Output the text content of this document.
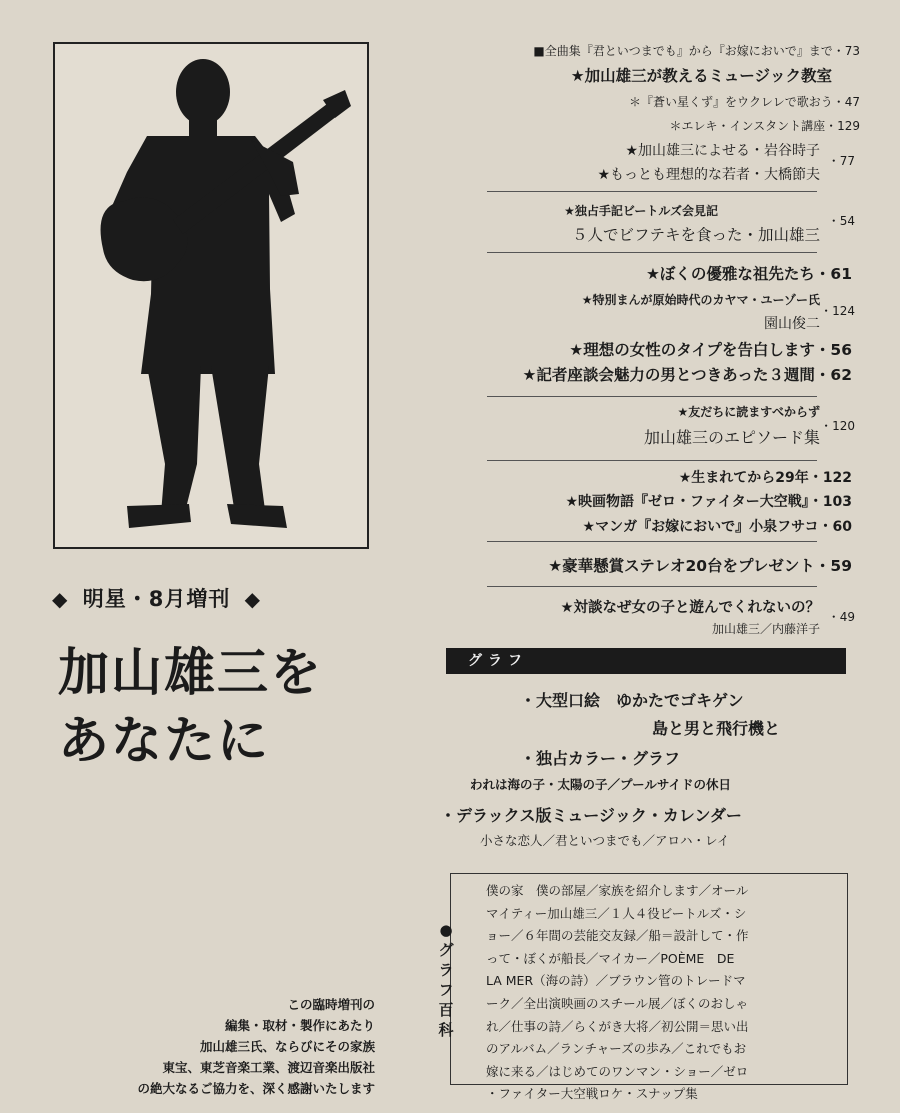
◆ 明星・8月増刊 ◆
加山雄三を
あなたに
この臨時増刊の
編集・取材・製作にあたり
加山雄三氏、ならびにその家族
東宝、東芝音楽工業、渡辺音楽出版社
の絶大なるご協力を、深く感謝いたします
■全曲集『君といつまでも』から『お嫁においで』まで・73
★加山雄三が教えるミュージック教室
＊『蒼い星くず』をウクレレで歌おう・47
＊エレキ・インスタント講座・129
★加山雄三によせる・岩谷時子
★もっとも理想的な若者・大橋節夫
・77
★独占手記ビートルズ会見記
５人でビフテキを食った・加山雄三
・54
★ぼくの優雅な祖先たち・61
★特別まんが原始時代のカヤマ・ユーゾー氏
園山俊二
・124
★理想の女性のタイプを告白します・56
★記者座談会魅力の男とつきあった３週間・62
★友だちに読ますべからず
加山雄三のエピソード集
・120
★生まれてから29年・122
★映画物語『ゼロ・ファイター大空戦』・103
★マンガ『お嫁においで』小泉フサコ・60
★豪華懸賞ステレオ20台をプレゼント・59
★対談なぜ女の子と遊んでくれないの？
加山雄三／内藤洋子
・49
グラフ
・大型口絵　ゆかたでゴキゲン
島と男と飛行機と
・独占カラー・グラフ
われは海の子・太陽の子／プールサイドの休日
・デラックス版ミュージック・カレンダー
小さな恋人／君といつまでも／アロハ・レイ
●グラフ百科
僕の家　僕の部屋／家族を紹介します／オール
マイティー加山雄三／１人４役ビートルズ・シ
ョー／６年間の芸能交友録／船＝設計して・作
って・ぼくが船長／マイカー／POÈME　DE
LA MER（海の詩）／ブラウン管のトレードマ
ーク／全出演映画のスチール展／ぼくのおしゃ
れ／仕事の詩／らくがき大将／初公開＝思い出
のアルバム／ランチャーズの歩み／これでもお
嫁に来る／はじめてのワンマン・ショー／ゼロ
・ファイター大空戦ロケ・スナップ集
